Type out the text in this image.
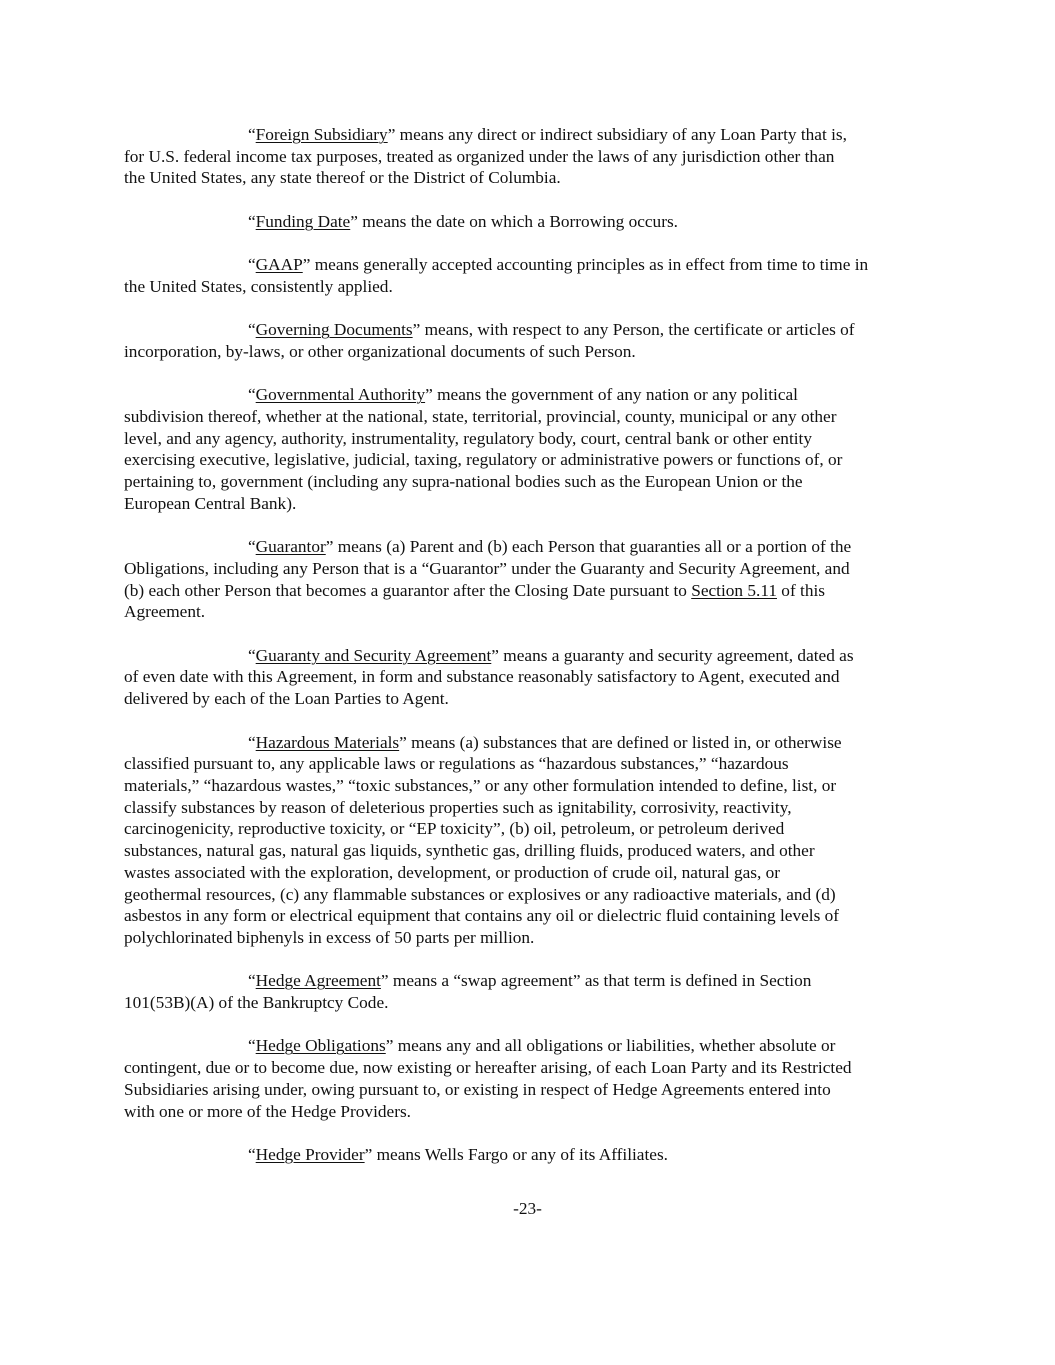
“Foreign Subsidiary” means any direct or indirect subsidiary of any Loan Party that is,
for U.S. federal income tax purposes, treated as organized under the laws of any jurisdiction other than
the United States, any state thereof or the District of Columbia.
“Funding Date” means the date on which a Borrowing occurs.
“GAAP” means generally accepted accounting principles as in effect from time to time in
the United States, consistently applied.
“Governing Documents” means, with respect to any Person, the certificate or articles of
incorporation, by-laws, or other organizational documents of such Person.
“Governmental Authority” means the government of any nation or any political
subdivision thereof, whether at the national, state, territorial, provincial, county, municipal or any other
level, and any agency, authority, instrumentality, regulatory body, court, central bank or other entity
exercising executive, legislative, judicial, taxing, regulatory or administrative powers or functions of, or
pertaining to, government (including any supra-national bodies such as the European Union or the
European Central Bank).
“Guarantor” means (a) Parent and (b) each Person that guaranties all or a portion of the
Obligations, including any Person that is a “Guarantor” under the Guaranty and Security Agreement, and
(b) each other Person that becomes a guarantor after the Closing Date pursuant to Section 5.11 of this
Agreement.
“Guaranty and Security Agreement” means a guaranty and security agreement, dated as
of even date with this Agreement, in form and substance reasonably satisfactory to Agent, executed and
delivered by each of the Loan Parties to Agent.
“Hazardous Materials” means (a) substances that are defined or listed in, or otherwise
classified pursuant to, any applicable laws or regulations as “hazardous substances,” “hazardous
materials,” “hazardous wastes,” “toxic substances,” or any other formulation intended to define, list, or
classify substances by reason of deleterious properties such as ignitability, corrosivity, reactivity,
carcinogenicity, reproductive toxicity, or “EP toxicity”, (b) oil, petroleum, or petroleum derived
substances, natural gas, natural gas liquids, synthetic gas, drilling fluids, produced waters, and other
wastes associated with the exploration, development, or production of crude oil, natural gas, or
geothermal resources, (c) any flammable substances or explosives or any radioactive materials, and (d)
asbestos in any form or electrical equipment that contains any oil or dielectric fluid containing levels of
polychlorinated biphenyls in excess of 50 parts per million.
“Hedge Agreement” means a “swap agreement” as that term is defined in Section
101(53B)(A) of the Bankruptcy Code.
“Hedge Obligations” means any and all obligations or liabilities, whether absolute or
contingent, due or to become due, now existing or hereafter arising, of each Loan Party and its Restricted
Subsidiaries arising under, owing pursuant to, or existing in respect of Hedge Agreements entered into
with one or more of the Hedge Providers.
“Hedge Provider” means Wells Fargo or any of its Affiliates.
-23-
